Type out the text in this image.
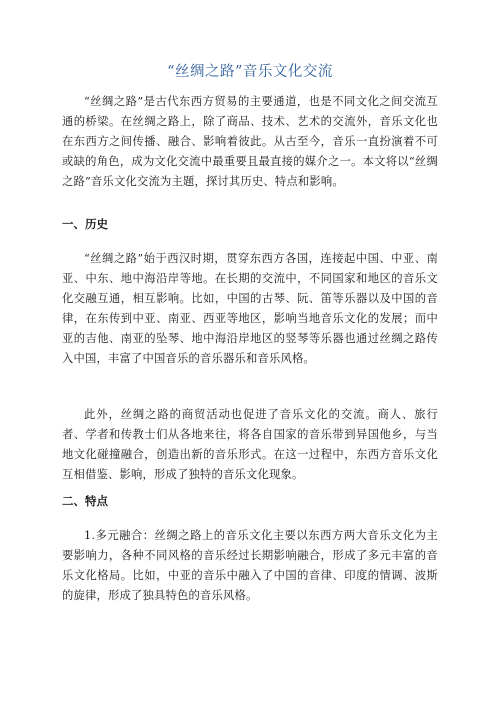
“丝绸之路”音乐文化交流

“丝绸之路”是古代东西方贸易的主要通道，也是不同文化之间交流互通的桥梁。在丝绸之路上，除了商品、技术、艺术的交流外，音乐文化也在东西方之间传播、融合、影响着彼此。从古至今，音乐一直扮演着不可或缺的角色，成为文化交流中最重要且最直接的媒介之一。本文将以“丝绸之路”音乐文化交流为主题，探讨其历史、特点和影响。

一、历史

“丝绸之路”始于西汉时期，贯穿东西方各国，连接起中国、中亚、南亚、中东、地中海沿岸等地。在长期的交流中，不同国家和地区的音乐文化交融互通，相互影响。比如，中国的古琴、阮、笛等乐器以及中国的音律，在东传到中亚、南亚、西亚等地区，影响当地音乐文化的发展；而中亚的吉他、南亚的坠琴、地中海沿岸地区的竖琴等乐器也通过丝绸之路传入中国，丰富了中国音乐的音乐器乐和音乐风格。

此外，丝绸之路的商贸活动也促进了音乐文化的交流。商人、旅行者、学者和传教士们从各地来往，将各自国家的音乐带到异国他乡，与当地文化碰撞融合，创造出新的音乐形式。在这一过程中，东西方音乐文化互相借鉴、影响，形成了独特的音乐文化现象。

二、特点

1.多元融合：丝绸之路上的音乐文化主要以东西方两大音乐文化为主要影响力，各种不同风格的音乐经过长期影响融合，形成了多元丰富的音乐文化格局。比如，中亚的音乐中融入了中国的音律、印度的情调、波斯的旋律，形成了独具特色的音乐风格。
